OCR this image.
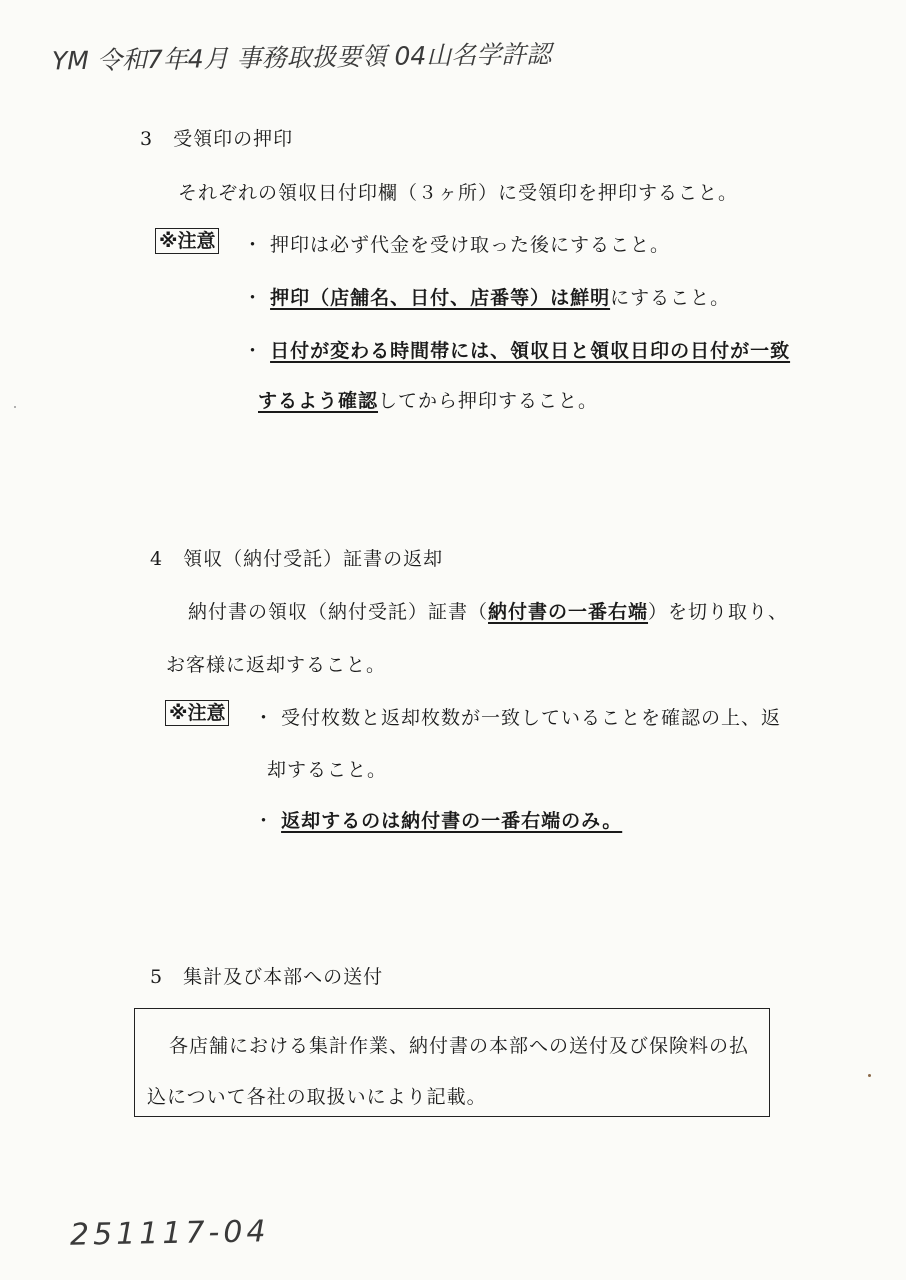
YM 令和7年4月 事務取扱要領 04山名学許認
3　受領印の押印
それぞれの領収日付印欄（３ヶ所）に受領印を押印すること。
※注意 ・ 押印は必ず代金を受け取った後にすること。
・ 押印（店舗名、日付、店番等）は鮮明にすること。
・ 日付が変わる時間帯には、領収日と領収日印の日付が一致
するよう確認してから押印すること。
4　領収（納付受託）証書の返却
納付書の領収（納付受託）証書（納付書の一番右端）を切り取り、
お客様に返却すること。
※注意 ・ 受付枚数と返却枚数が一致していることを確認の上、返
却すること。
・ 返却するのは納付書の一番右端のみ。
5　集計及び本部への送付
各店舗における集計作業、納付書の本部への送付及び保険料の払
込について各社の取扱いにより記載。
251117-04
